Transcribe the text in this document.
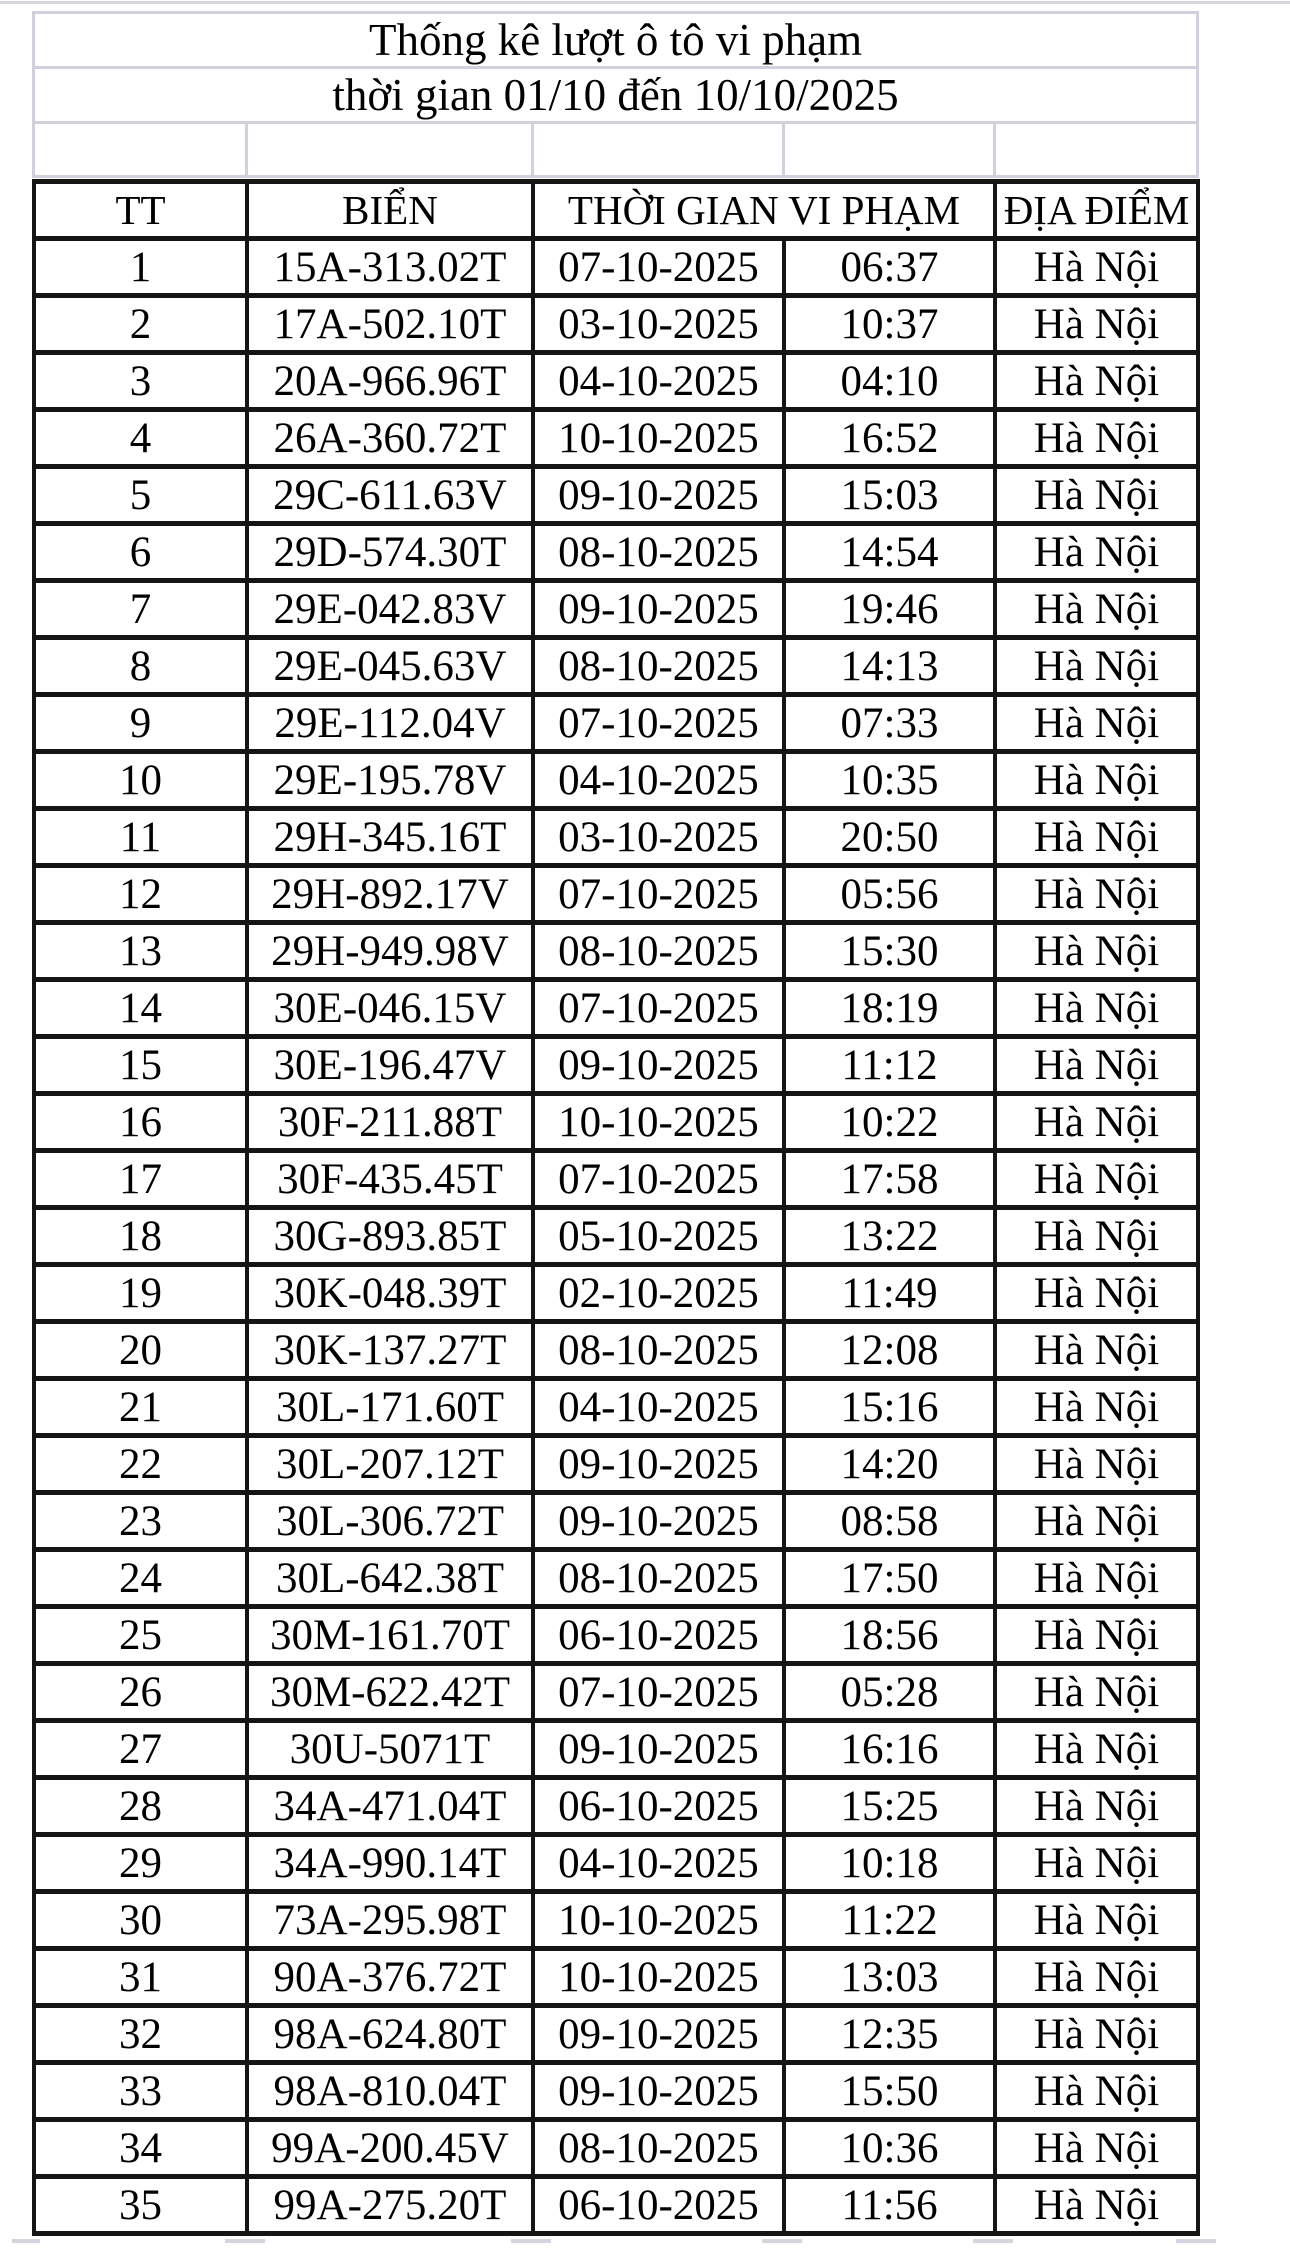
Thống kê lượt ô tô vi phạm
thời gian 01/10 đến 10/10/2025

TT	BIỂN	THỜI GIAN VI PHẠM		ĐỊA ĐIỂM
1	15A-313.02T	07-10-2025	06:37	Hà Nội
2	17A-502.10T	03-10-2025	10:37	Hà Nội
3	20A-966.96T	04-10-2025	04:10	Hà Nội
4	26A-360.72T	10-10-2025	16:52	Hà Nội
5	29C-611.63V	09-10-2025	15:03	Hà Nội
6	29D-574.30T	08-10-2025	14:54	Hà Nội
7	29E-042.83V	09-10-2025	19:46	Hà Nội
8	29E-045.63V	08-10-2025	14:13	Hà Nội
9	29E-112.04V	07-10-2025	07:33	Hà Nội
10	29E-195.78V	04-10-2025	10:35	Hà Nội
11	29H-345.16T	03-10-2025	20:50	Hà Nội
12	29H-892.17V	07-10-2025	05:56	Hà Nội
13	29H-949.98V	08-10-2025	15:30	Hà Nội
14	30E-046.15V	07-10-2025	18:19	Hà Nội
15	30E-196.47V	09-10-2025	11:12	Hà Nội
16	30F-211.88T	10-10-2025	10:22	Hà Nội
17	30F-435.45T	07-10-2025	17:58	Hà Nội
18	30G-893.85T	05-10-2025	13:22	Hà Nội
19	30K-048.39T	02-10-2025	11:49	Hà Nội
20	30K-137.27T	08-10-2025	12:08	Hà Nội
21	30L-171.60T	04-10-2025	15:16	Hà Nội
22	30L-207.12T	09-10-2025	14:20	Hà Nội
23	30L-306.72T	09-10-2025	08:58	Hà Nội
24	30L-642.38T	08-10-2025	17:50	Hà Nội
25	30M-161.70T	06-10-2025	18:56	Hà Nội
26	30M-622.42T	07-10-2025	05:28	Hà Nội
27	30U-5071T	09-10-2025	16:16	Hà Nội
28	34A-471.04T	06-10-2025	15:25	Hà Nội
29	34A-990.14T	04-10-2025	10:18	Hà Nội
30	73A-295.98T	10-10-2025	11:22	Hà Nội
31	90A-376.72T	10-10-2025	13:03	Hà Nội
32	98A-624.80T	09-10-2025	12:35	Hà Nội
33	98A-810.04T	09-10-2025	15:50	Hà Nội
34	99A-200.45V	08-10-2025	10:36	Hà Nội
35	99A-275.20T	06-10-2025	11:56	Hà Nội
